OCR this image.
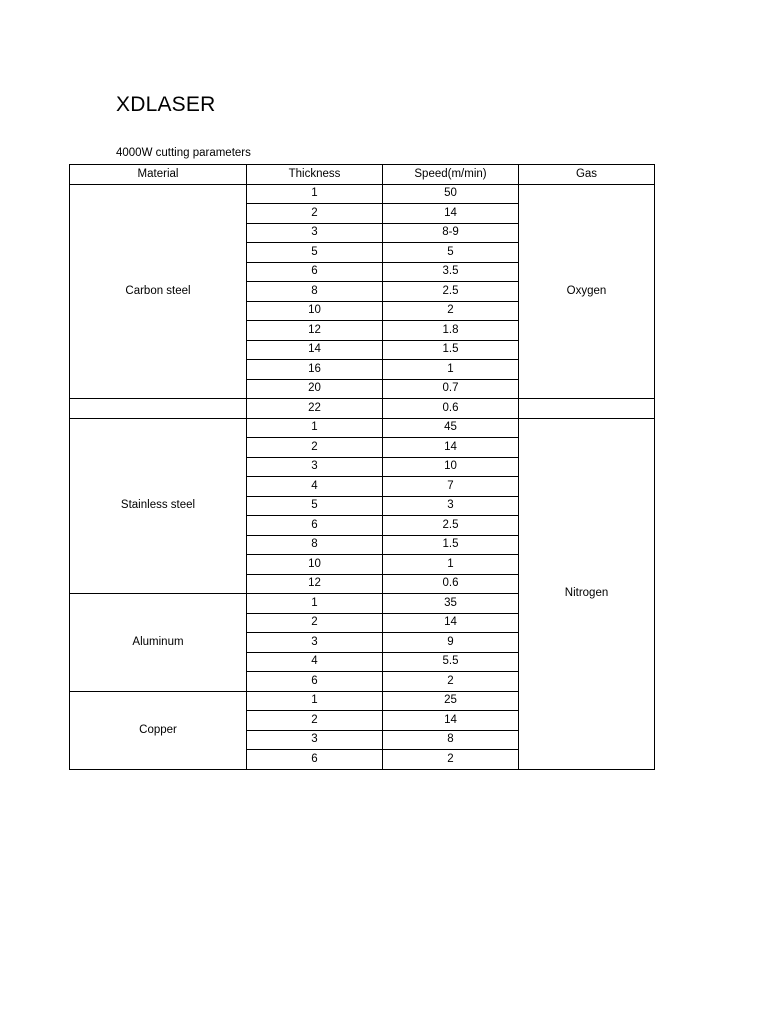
XDLASER
4000W cutting parameters
Material	Thickness	Speed(m/min)	Gas
Carbon steel	1	50	Oxygen
	2	14	
	3	8-9	
	5	5	
	6	3.5	
	8	2.5	
	10	2	
	12	1.8	
	14	1.5	
	16	1	
	20	0.7	
	22	0.6	
Stainless steel	1	45	Nitrogen
	2	14	
	3	10	
	4	7	
	5	3	
	6	2.5	
	8	1.5	
	10	1	
	12	0.6	
Aluminum	1	35	
	2	14	
	3	9	
	4	5.5	
	6	2	
Copper	1	25	
	2	14	
	3	8	
	6	2	
